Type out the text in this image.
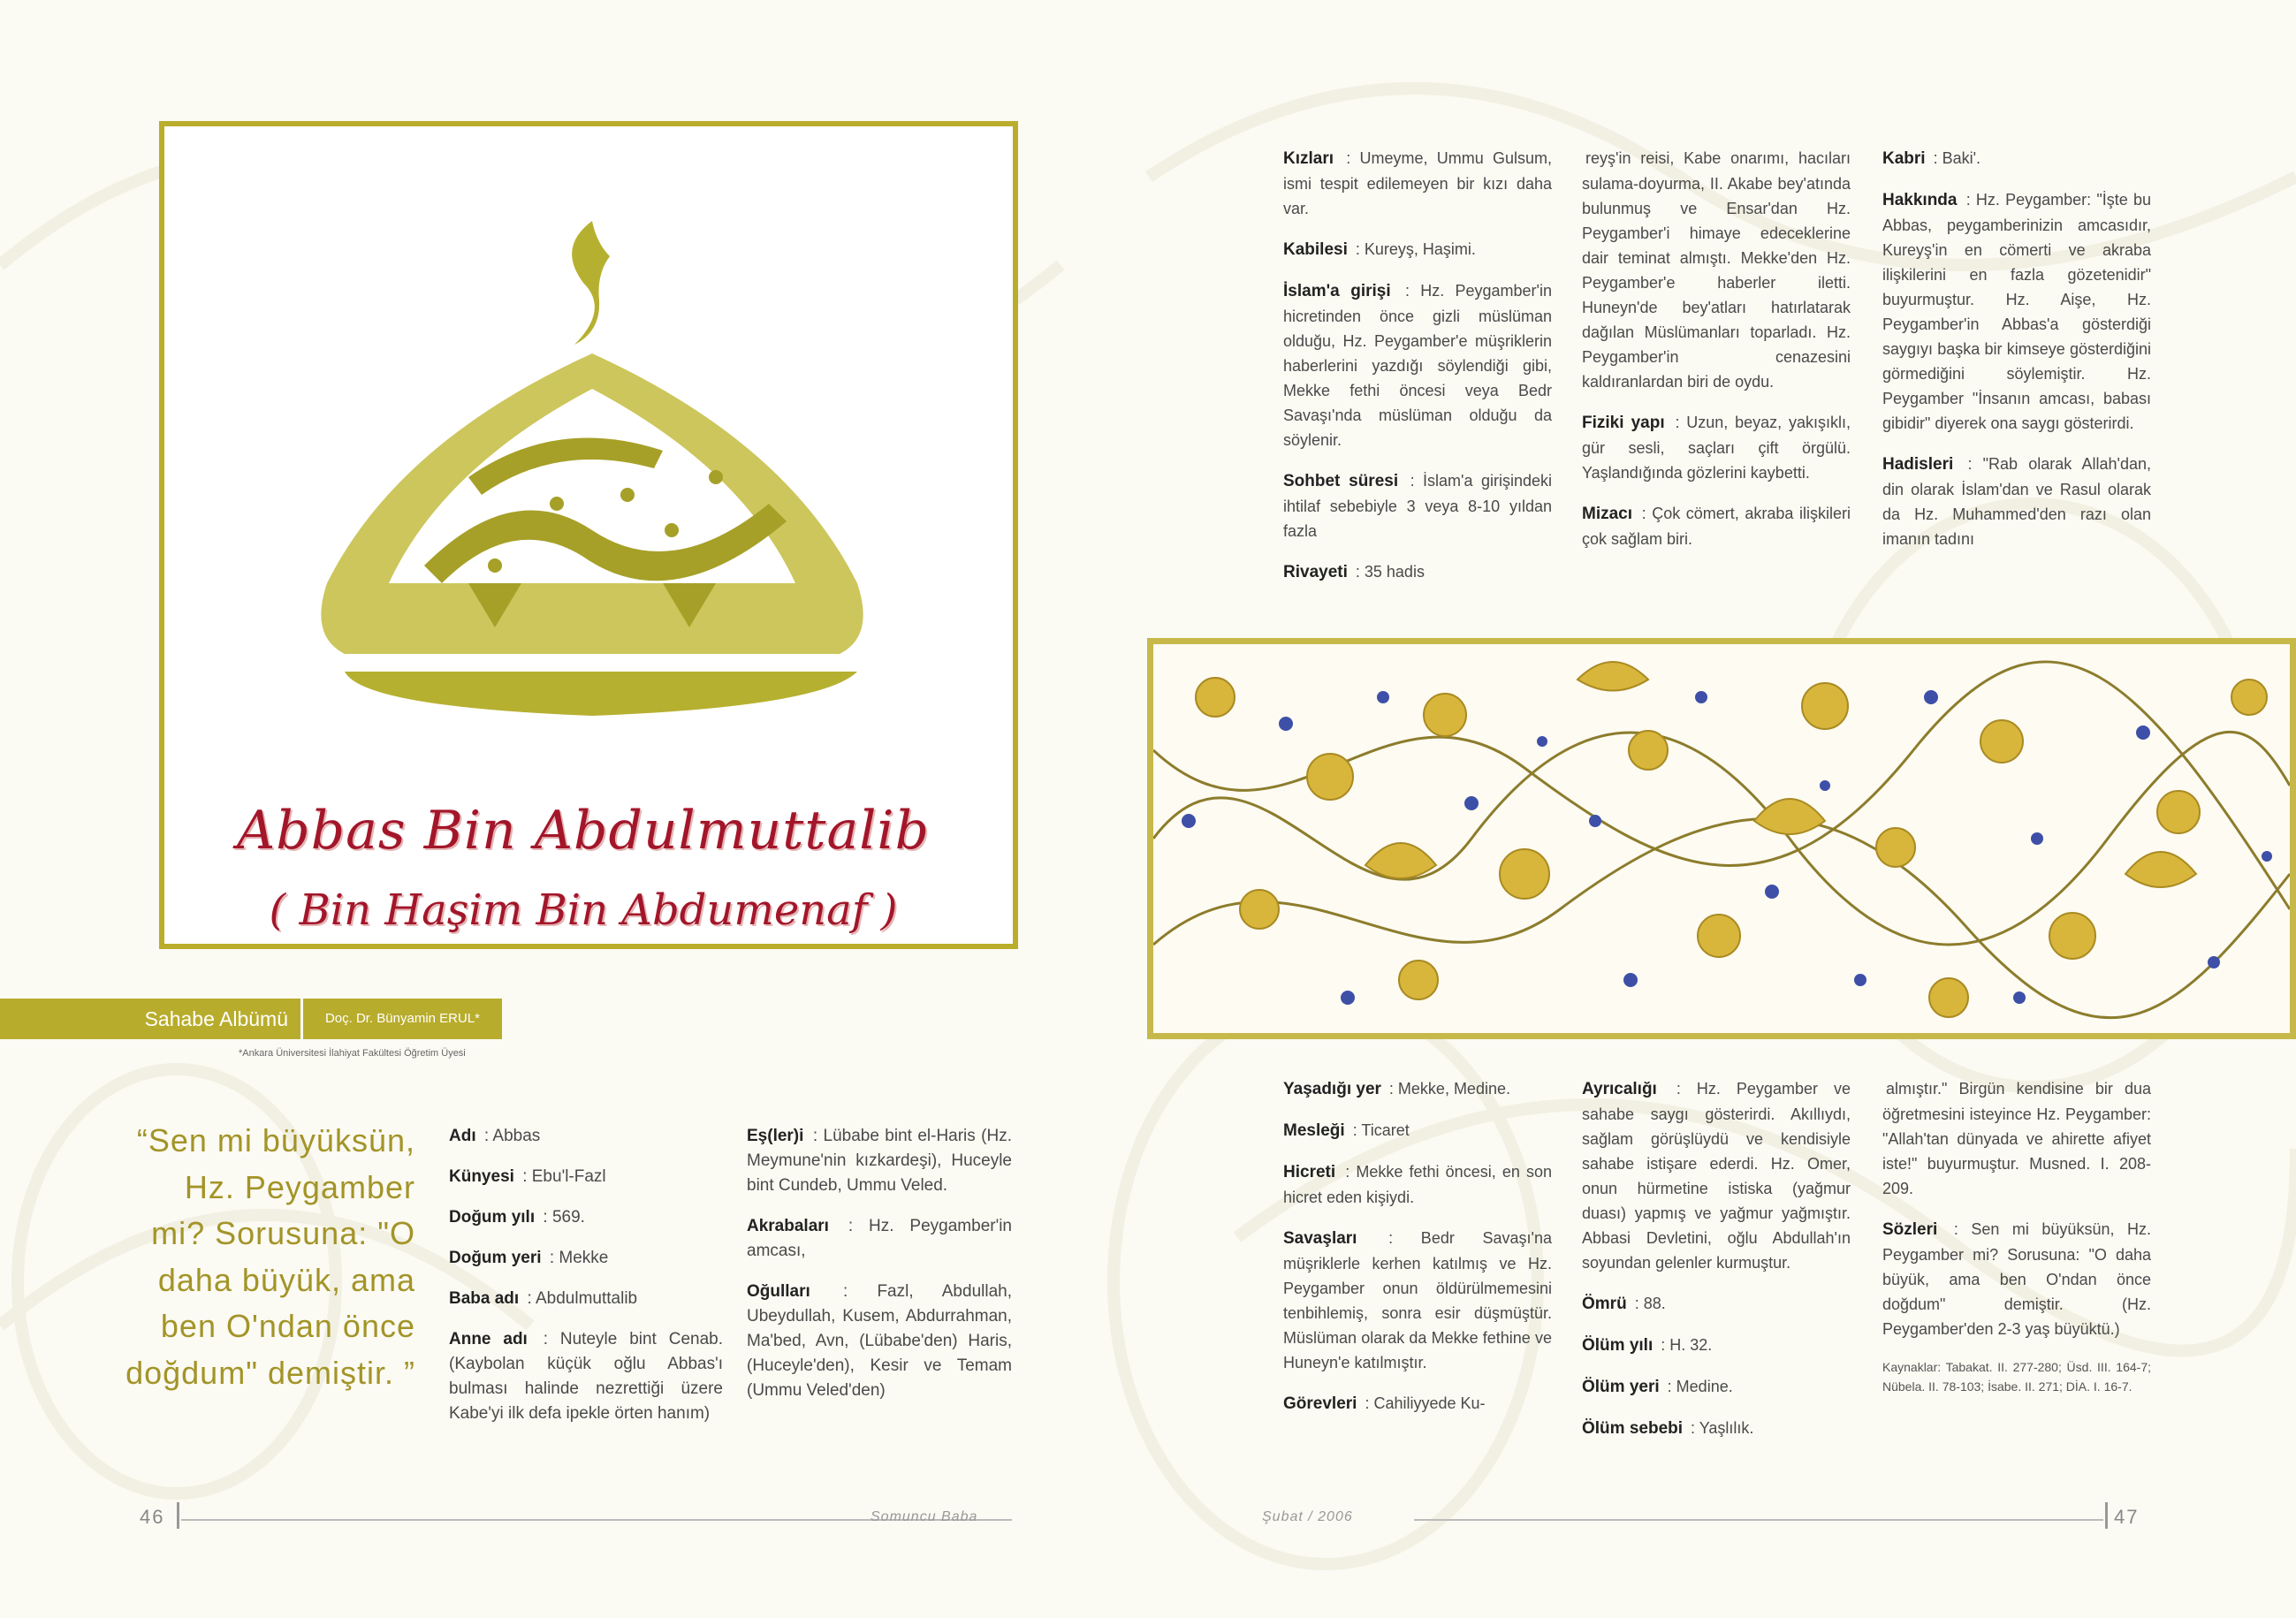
Abbas Bin Abdulmuttalib
( Bin Haşim Bin Abdumenaf )
Sahabe Albümü	Doç. Dr. Bünyamin ERUL*
*Ankara Üniversitesi İlahiyat Fakültesi Öğretim Üyesi
“Sen mi büyüksün, Hz. Peygamber mi? Sorusuna: "O daha büyük, ama ben O'ndan önce doğdum" demiştir. ”

Adı : Abbas

Künyesi : Ebu'l-Fazl

Doğum yılı : 569.

Doğum yeri : Mekke

Baba adı : Abdulmuttalib

Anne adı : Nuteyle bint Cenab. (Kaybolan küçük oğlu Abbas'ı bulması halinde nezrettiği üzere Kabe'yi ilk defa ipekle örten hanım)

Eş(ler)i : Lübabe bint el-Haris (Hz. Meymune'nin kızkardeşi), Huceyle bint Cundeb, Ummu Veled.

Akrabaları : Hz. Peygamber'in amcası,

Oğulları : Fazl, Abdullah, Ubeydullah, Kusem, Abdurrahman, Ma'bed, Avn, (Lübabe'den) Haris, (Huceyle'den), Kesir ve Temam (Ummu Veled'den)

46	Somuncu Baba

Kızları : Umeyme, Ummu Gulsum, ismi tespit edilemeyen bir kızı daha var.

Kabilesi : Kureyş, Haşimi.

İslam'a girişi : Hz. Peygamber'in hicretinden önce gizli müslüman olduğu, Hz. Peygamber'e müşriklerin haberlerini yazdığı söylendiği gibi, Mekke fethi öncesi veya Bedr Savaşı'nda müslüman olduğu da söylenir.

Sohbet süresi : İslam'a girişindeki ihtilaf sebebiyle 3 veya 8-10 yıldan fazla

Rivayeti : 35 hadis

reyş'in reisi, Kabe onarımı, hacıları sulama-doyurma, II. Akabe bey'atında bulunmuş ve Ensar'dan Hz. Peygamber'i himaye edeceklerine dair teminat almıştı. Mekke'den Hz. Peygamber'e haberler iletti. Huneyn'de bey'atları hatırlatarak dağılan Müslümanları toparladı. Hz. Peygamber'in cenazesini kaldıranlardan biri de oydu.

Fiziki yapı : Uzun, beyaz, yakışıklı, gür sesli, saçları çift örgülü. Yaşlandığında gözlerini kaybetti.

Mizacı : Çok cömert, akraba ilişkileri çok sağlam biri.

Kabri : Baki'.

Hakkında : Hz. Peygamber: "İşte bu Abbas, peygamberinizin amcasıdır, Kureyş'in en cömerti ve akraba ilişkilerini en fazla gözetenidir" buyurmuştur. Hz. Aişe, Hz. Peygamber'in Abbas'a gösterdiği saygıyı başka bir kimseye gösterdiğini görmediğini söylemiştir. Hz. Peygamber "İnsanın amcası, babası gibidir" diyerek ona saygı gösterirdi.

Hadisleri : "Rab olarak Allah'dan, din olarak İslam'dan ve Rasul olarak da Hz. Muhammed'den razı olan imanın tadını

Yaşadığı yer : Mekke, Medine.

Mesleği : Ticaret

Hicreti : Mekke fethi öncesi, en son hicret eden kişiydi.

Savaşları : Bedr Savaşı'na müşriklerle kerhen katılmış ve Hz. Peygamber onun öldürülmemesini tenbihlemiş, sonra esir düşmüştür. Müslüman olarak da Mekke fethine ve Huneyn'e katılmıştır.

Görevleri : Cahiliyyede Ku-

Ayrıcalığı : Hz. Peygamber ve sahabe saygı gösterirdi. Akıllıydı, sağlam görüşlüydü ve kendisiyle sahabe istişare ederdi. Hz. Omer, onun hürmetine istiska (yağmur duası) yapmış ve yağmur yağmıştır. Abbasi Devletini, oğlu Abdullah'ın soyundan gelenler kurmuştur.

Ömrü : 88.

Ölüm yılı : H. 32.

Ölüm yeri : Medine.

Ölüm sebebi : Yaşlılık.

almıştır." Birgün kendisine bir dua öğretmesini isteyince Hz. Peygamber: "Allah'tan dünyada ve ahirette afiyet iste!" buyurmuştur. Musned. I. 208-209.

Sözleri : Sen mi büyüksün, Hz. Peygamber mi? Sorusuna: "O daha büyük, ama ben O'ndan önce doğdum" demiştir. (Hz. Peygamber'den 2-3 yaş büyüktü.)

Kaynaklar: Tabakat. II. 277-280; Üsd. III. 164-7; Nübela. II. 78-103; İsabe. II. 271; DİA. I. 16-7.

Şubat / 2006	47
